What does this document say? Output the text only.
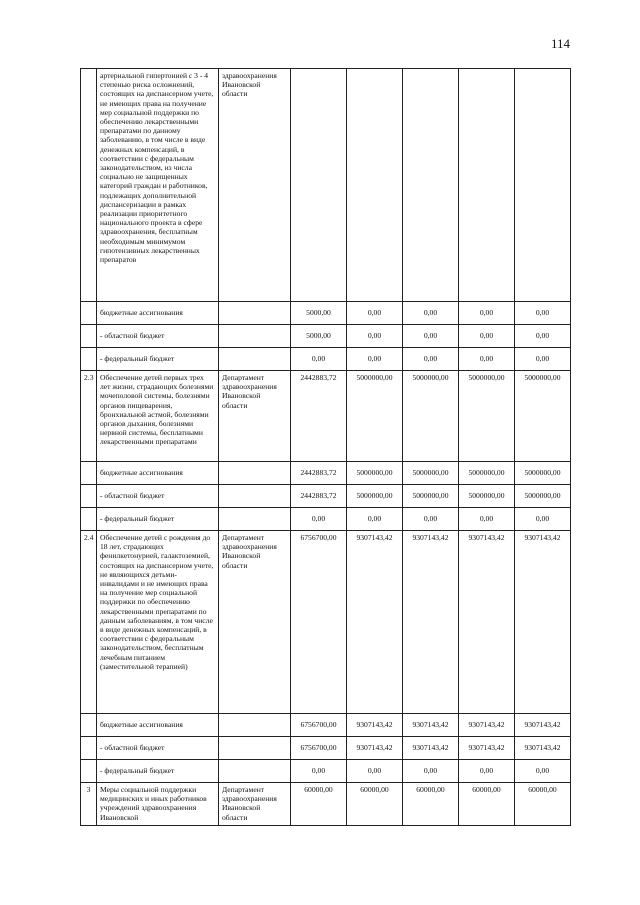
114
	артериальной гипертонией с 3 - 4 степенью риска осложнений, состоящих на диспансерном учете, не имеющих права на получение мер социальной поддержки по обеспечению лекарственными препаратами по данному заболеванию, в том числе в виде денежных компенсаций, в соответствии с федеральным законодательством, из числа социально не защищенных категорий граждан и работников, подлежащих дополнительной диспансеризации в рамках реализации приоритетного национального проекта в сфере здравоохранения, бесплатным необходимым минимумом гипотензивных лекарственных препаратов	здравоохранения Ивановской области					
	бюджетные ассигнования		5000,00	0,00	0,00	0,00	0,00
	- областной бюджет		5000,00	0,00	0,00	0,00	0,00
	- федеральный бюджет		0,00	0,00	0,00	0,00	0,00
2.3	Обеспечение детей первых трех лет жизни, страдающих болезнями мочеполовой системы, болезнями органов пищеварения, бронхиальной астмой, болезнями органов дыхания, болезнями нервной системы, бесплатными лекарственными препаратами	Департамент здравоохранения Ивановской области	2442883,72	5000000,00	5000000,00	5000000,00	5000000,00
	бюджетные ассигнования		2442883,72	5000000,00	5000000,00	5000000,00	5000000,00
	- областной бюджет		2442883,72	5000000,00	5000000,00	5000000,00	5000000,00
	- федеральный бюджет		0,00	0,00	0,00	0,00	0,00
2.4	Обеспечение детей с рождения до 18 лет, страдающих фенилкетонурией, галактоземией, состоящих на диспансерном учете, не являющихся детьми-инвалидами и не имеющих права на получение мер социальной поддержки по обеспечению лекарственными препаратами по данным заболеваниям, в том числе в виде денежных компенсаций, в соответствии с федеральным законодательством, бесплатным лечебным питанием (заместительной терапией)	Департамент здравоохранения Ивановской области	6756700,00	9307143,42	9307143,42	9307143,42	9307143,42
	бюджетные ассигнования		6756700,00	9307143,42	9307143,42	9307143,42	9307143,42
	- областной бюджет		6756700,00	9307143,42	9307143,42	9307143,42	9307143,42
	- федеральный бюджет		0,00	0,00	0,00	0,00	0,00
3	Меры социальной поддержки медицинских и иных работников учреждений здравоохранения Ивановской	Департамент здравоохранения Ивановской области	60000,00	60000,00	60000,00	60000,00	60000,00
